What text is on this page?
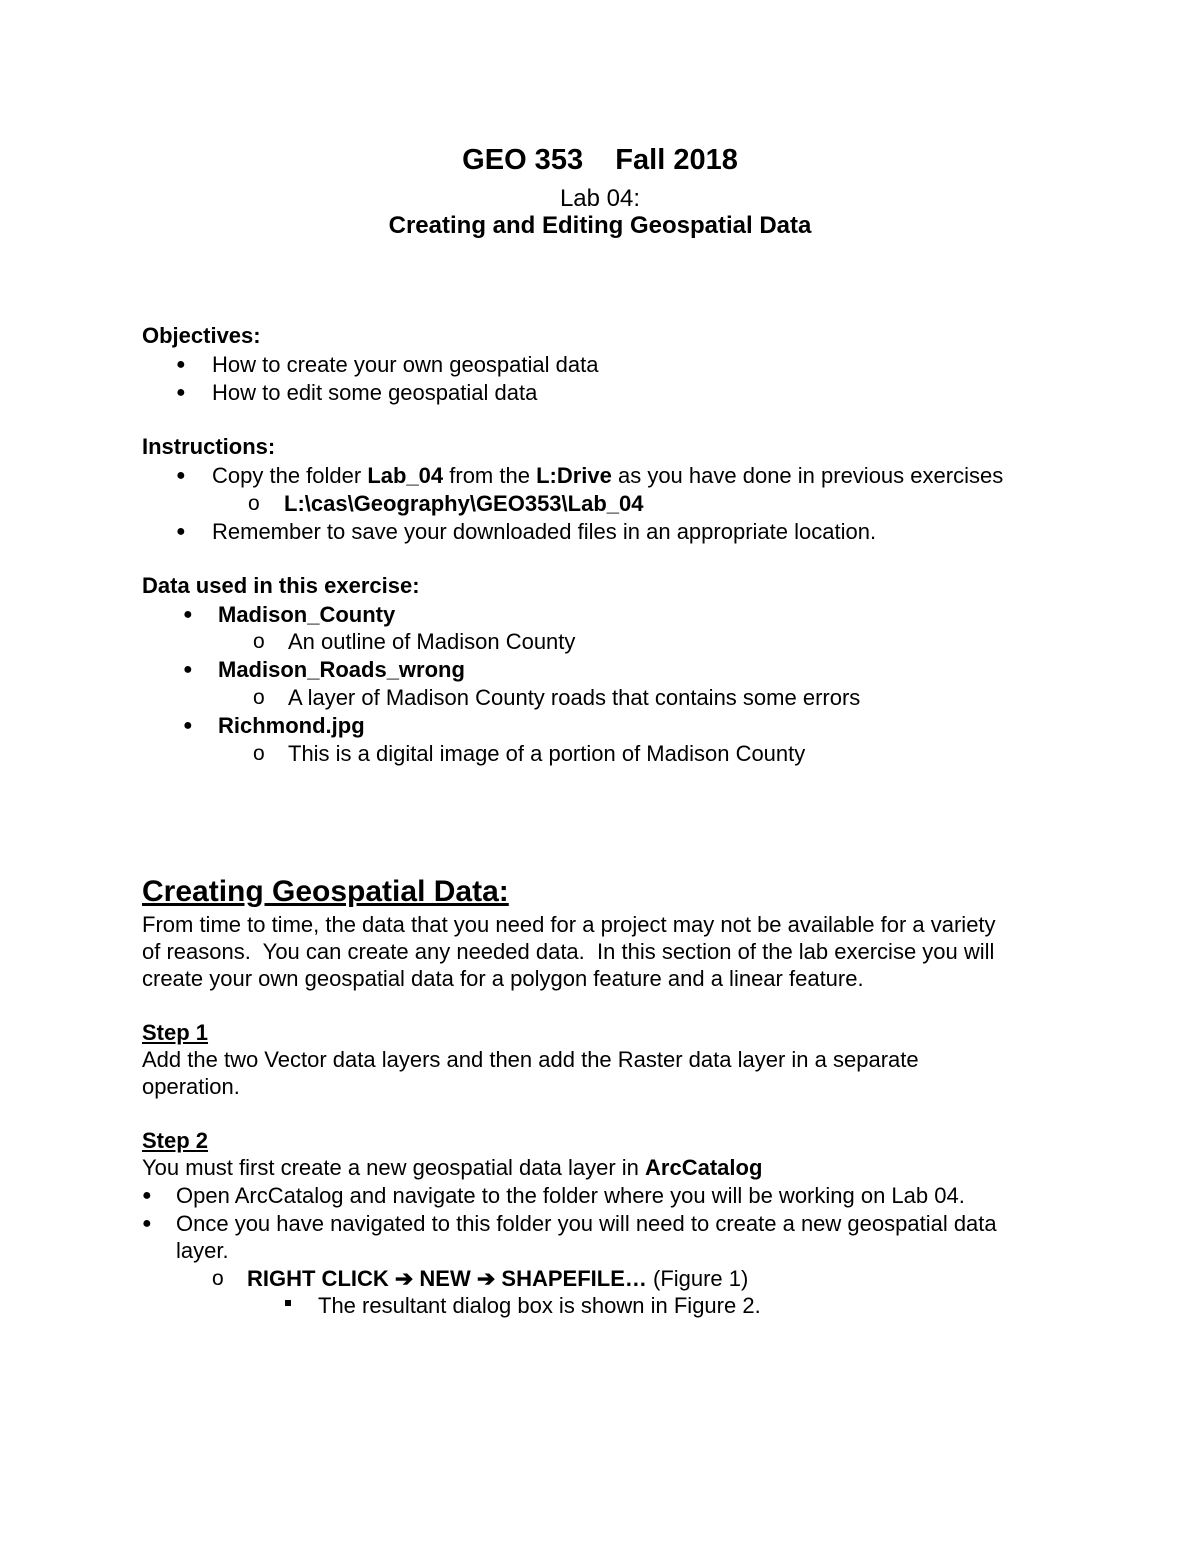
GEO 353    Fall 2018
Lab 04:
Creating and Editing Geospatial Data
Objectives:
● How to create your own geospatial data
● How to edit some geospatial data
Instructions:
● Copy the folder Lab_04 from the L:Drive as you have done in previous exercises
o L:\cas\Geography\GEO353\Lab_04
● Remember to save your downloaded files in an appropriate location.
Data used in this exercise:
● Madison_County
o An outline of Madison County
● Madison_Roads_wrong
o A layer of Madison County roads that contains some errors
● Richmond.jpg
o This is a digital image of a portion of Madison County
Creating Geospatial Data:
From time to time, the data that you need for a project may not be available for a variety
of reasons.  You can create any needed data.  In this section of the lab exercise you will
create your own geospatial data for a polygon feature and a linear feature.
Step 1
Add the two Vector data layers and then add the Raster data layer in a separate
operation.
Step 2
You must first create a new geospatial data layer in ArcCatalog
● Open ArcCatalog and navigate to the folder where you will be working on Lab 04.
● Once you have navigated to this folder you will need to create a new geospatial data
layer.
o RIGHT CLICK ➔ NEW ➔ SHAPEFILE… (Figure 1)
The resultant dialog box is shown in Figure 2.
